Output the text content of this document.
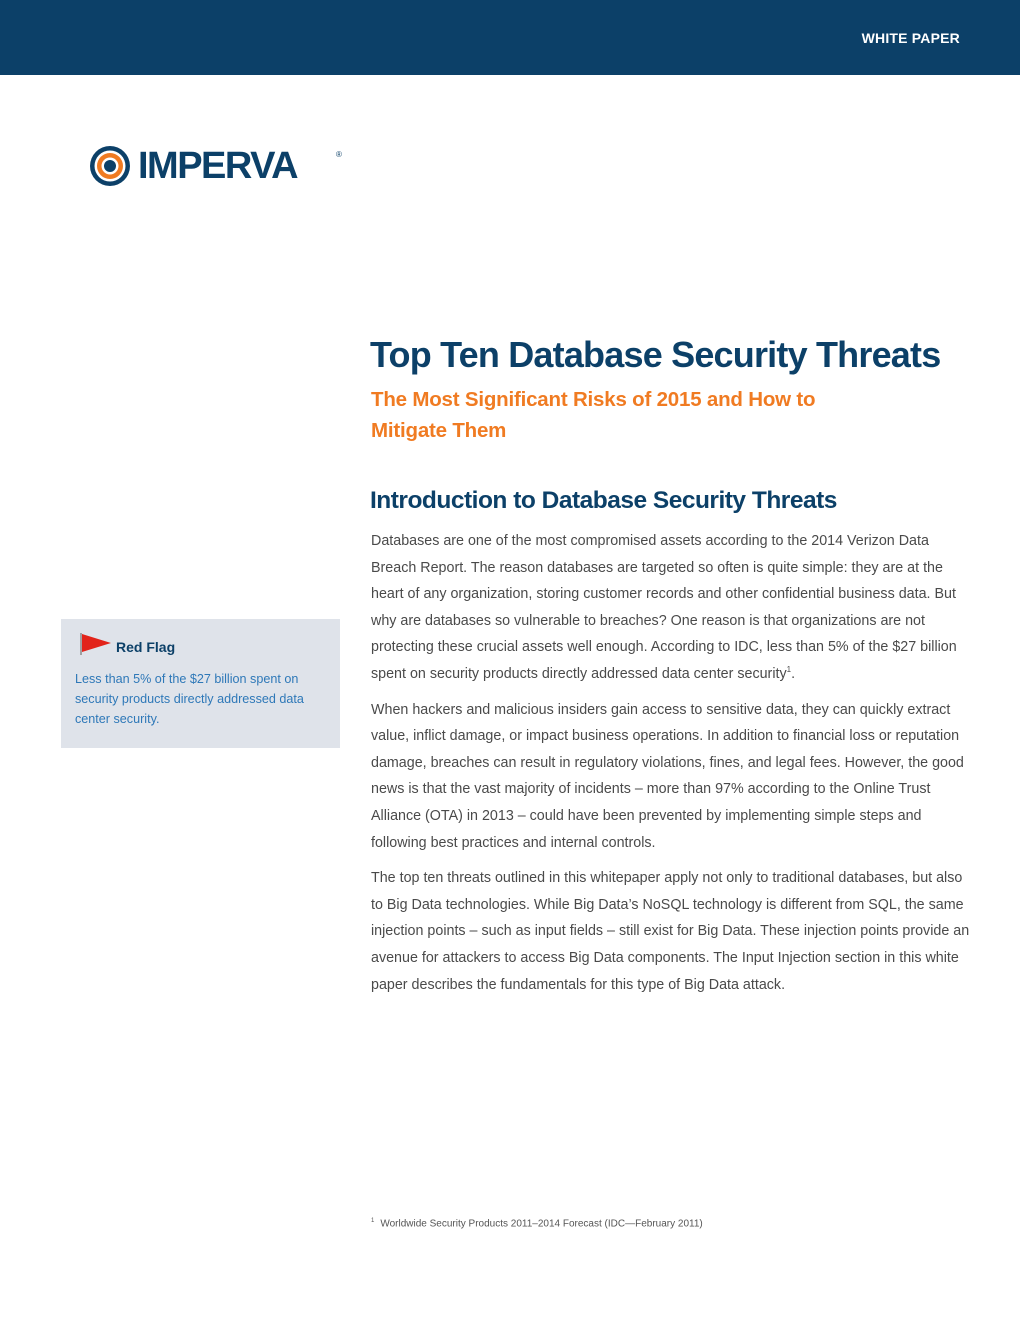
WHITE PAPER
IMPERVA	®
Top Ten Database Security Threats
The Most Significant Risks of 2015 and How to
Mitigate Them
Introduction to Database Security Threats

Databases are one of the most compromised assets according to the 2014 Verizon Data Breach Report. The reason databases are targeted so often is quite simple: they are at the heart of any organization, storing customer records and other confidential business data. But why are databases so vulnerable to breaches? One reason is that organizations are not protecting these crucial assets well enough. According to IDC, less than 5% of the $27 billion spent on security products directly addressed data center security$^1$.

When hackers and malicious insiders gain access to sensitive data, they can quickly extract value, inflict damage, or impact business operations. In addition to financial loss or reputation damage, breaches can result in regulatory violations, fines, and legal fees. However, the good news is that the vast majority of incidents – more than 97% according to the Online Trust Alliance (OTA) in 2013 – could have been prevented by implementing simple steps and following best practices and internal controls.

The top ten threats outlined in this whitepaper apply not only to traditional databases, but also to Big Data technologies. While Big Data’s NoSQL technology is different from SQL, the same injection points – such as input fields – still exist for Big Data. These injection points provide an avenue for attackers to access Big Data components. The Input Injection section in this white paper describes the fundamentals for this type of Big Data attack.

Red Flag
Less than 5% of the $27 billion spent on security products directly addressed data center security.
$^1$ Worldwide Security Products 2011–2014 Forecast (IDC—February 2011)
